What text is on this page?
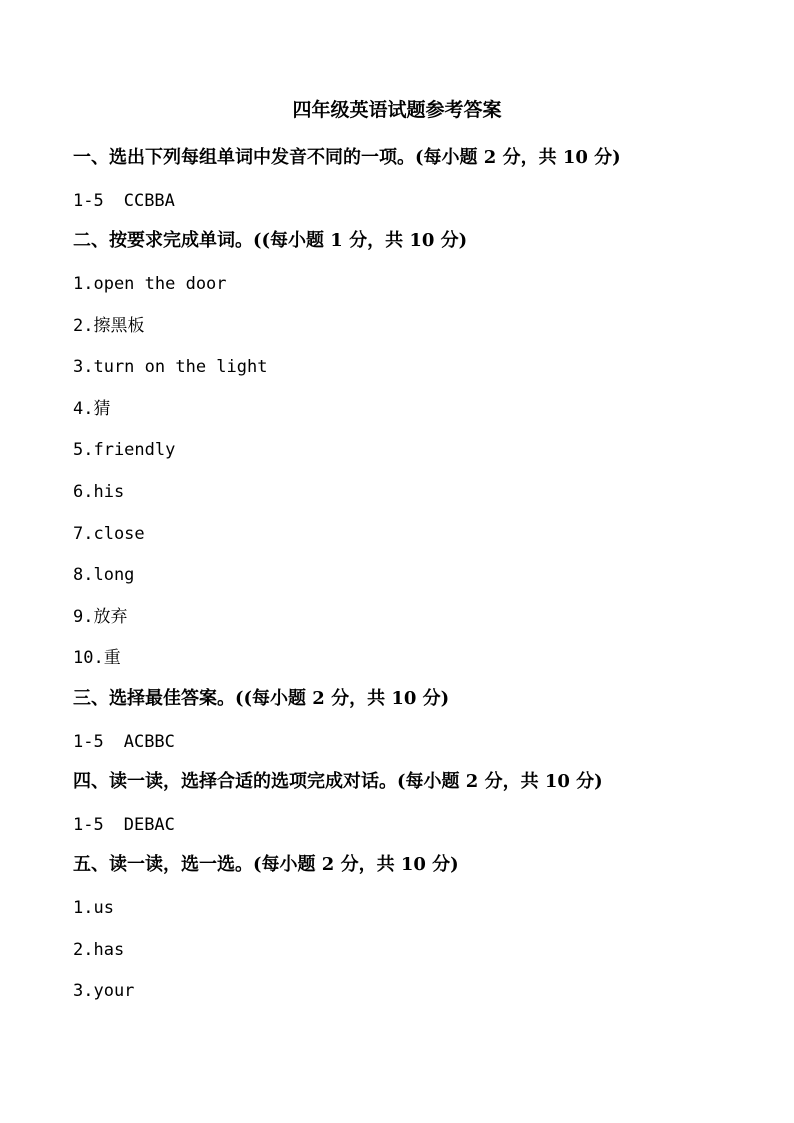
四年级英语试题参考答案
一、选出下列每组单词中发音不同的一项。(每小题 2 分，共 10 分)
1-5 CCBBA
二、按要求完成单词。((每小题 1 分，共 10 分)
1.open the door
2.擦黑板
3.turn on the light
4.猜
5.friendly
6.his
7.close
8.long
9.放弃
10.重
三、选择最佳答案。((每小题 2 分，共 10 分)
1-5 ACBBC
四、读一读，选择合适的选项完成对话。(每小题 2 分，共 10 分)
1-5 DEBAC
五、读一读，选一选。(每小题 2 分，共 10 分)
1.us
2.has
3.your
